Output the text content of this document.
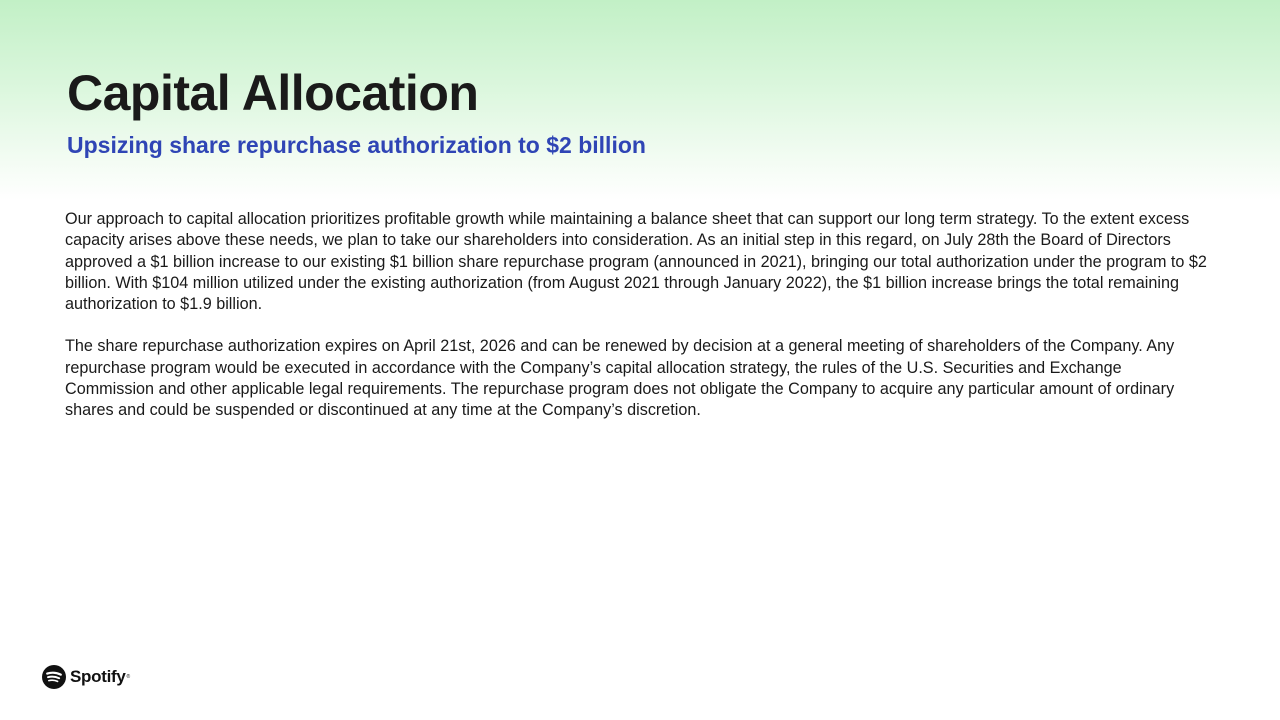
Capital Allocation
Upsizing share repurchase authorization to $2 billion

Our approach to capital allocation prioritizes profitable growth while maintaining a balance sheet that can support our long term strategy. To the extent excess capacity arises above these needs, we plan to take our shareholders into consideration. As an initial step in this regard, on July 28th the Board of Directors approved a $1 billion increase to our existing $1 billion share repurchase program (announced in 2021), bringing our total authorization under the program to $2 billion. With $104 million utilized under the existing authorization (from August 2021 through January 2022), the $1 billion increase brings the total remaining authorization to $1.9 billion.

The share repurchase authorization expires on April 21st, 2026 and can be renewed by decision at a general meeting of shareholders of the Company. Any repurchase program would be executed in accordance with the Company’s capital allocation strategy, the rules of the U.S. Securities and Exchange Commission and other applicable legal requirements. The repurchase program does not obligate the Company to acquire any particular amount of ordinary shares and could be suspended or discontinued at any time at the Company’s discretion.

Spotify ®
